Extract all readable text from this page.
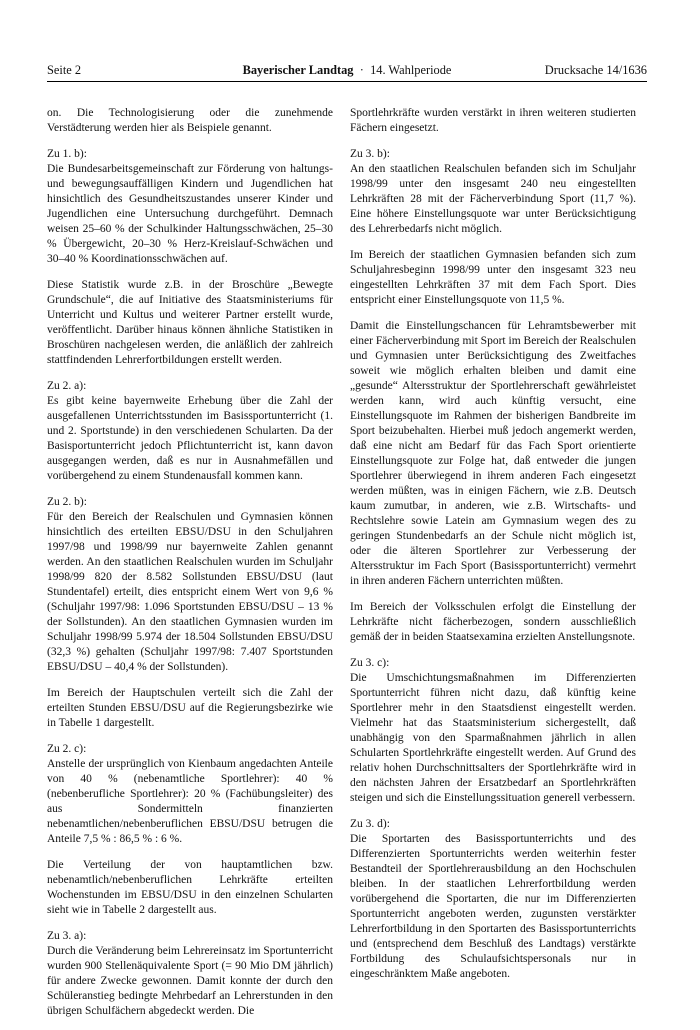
Seite 2	Bayerischer Landtag · 14. Wahlperiode	Drucksache 14/1636

on. Die Technologisierung oder die zunehmende Verstädterung werden hier als Beispiele genannt.

Zu 1. b):

Die Bundesarbeitsgemeinschaft zur Förderung von haltungs- und bewegungsauffälligen Kindern und Jugendlichen hat hinsichtlich des Gesundheitszustandes unserer Kinder und Jugendlichen eine Untersuchung durchgeführt. Demnach weisen 25–60 % der Schulkinder Haltungsschwächen, 25–30 % Übergewicht, 20–30 % Herz-Kreislauf-Schwächen und 30–40 % Koordinationsschwächen auf.

Diese Statistik wurde z.B. in der Broschüre „Bewegte Grundschule“, die auf Initiative des Staatsministeriums für Unterricht und Kultus und weiterer Partner erstellt wurde, veröffentlicht. Darüber hinaus können ähnliche Statistiken in Broschüren nachgelesen werden, die anläßlich der zahlreich stattfindenden Lehrerfortbildungen erstellt werden.

Zu 2. a):

Es gibt keine bayernweite Erhebung über die Zahl der ausgefallenen Unterrichtsstunden im Basissportunterricht (1. und 2. Sportstunde) in den verschiedenen Schularten. Da der Basisportunterricht jedoch Pflichtunterricht ist, kann davon ausgegangen werden, daß es nur in Ausnahmefällen und vorübergehend zu einem Stundenausfall kommen kann.

Zu 2. b):

Für den Bereich der Realschulen und Gymnasien können hinsichtlich des erteilten EBSU/DSU in den Schuljahren 1997/98 und 1998/99 nur bayernweite Zahlen genannt werden. An den staatlichen Realschulen wurden im Schuljahr 1998/99 820 der 8.582 Sollstunden EBSU/DSU (laut Stundentafel) erteilt, dies entspricht einem Wert von 9,6 % (Schuljahr 1997/98: 1.096 Sportstunden EBSU/DSU – 13 % der Sollstunden). An den staatlichen Gymnasien wurden im Schuljahr 1998/99 5.974 der 18.504 Sollstunden EBSU/DSU (32,3 %) gehalten (Schuljahr 1997/98: 7.407 Sportstunden EBSU/DSU – 40,4 % der Sollstunden).

Im Bereich der Hauptschulen verteilt sich die Zahl der erteilten Stunden EBSU/DSU auf die Regierungsbezirke wie in Tabelle 1 dargestellt.

Zu 2. c):

Anstelle der ursprünglich von Kienbaum angedachten Anteile von 40 % (nebenamtliche Sportlehrer): 40 % (nebenberufliche Sportlehrer): 20 % (Fachübungsleiter) des aus Sondermitteln finanzierten nebenamtlichen/nebenberuflichen EBSU/DSU betrugen die Anteile 7,5 % : 86,5 % : 6 %.

Die Verteilung der von hauptamtlichen bzw. nebenamtlich/nebenberuflichen Lehrkräfte erteilten Wochenstunden im EBSU/DSU in den einzelnen Schularten sieht wie in Tabelle 2 dargestellt aus.

Zu 3. a):

Durch die Veränderung beim Lehrereinsatz im Sportunterricht wurden 900 Stellenäquivalente Sport (= 90 Mio DM jährlich) für andere Zwecke gewonnen. Damit konnte der durch den Schüleranstieg bedingte Mehrbedarf an Lehrerstunden in den übrigen Schulfächern abgedeckt werden. Die

Sportlehrkräfte wurden verstärkt in ihren weiteren studierten Fächern eingesetzt.

Zu 3. b):

An den staatlichen Realschulen befanden sich im Schuljahr 1998/99 unter den insgesamt 240 neu eingestellten Lehrkräften 28 mit der Fächerverbindung Sport (11,7 %). Eine höhere Einstellungsquote war unter Berücksichtigung des Lehrerbedarfs nicht möglich.

Im Bereich der staatlichen Gymnasien befanden sich zum Schuljahresbeginn 1998/99 unter den insgesamt 323 neu eingestellten Lehrkräften 37 mit dem Fach Sport. Dies entspricht einer Einstellungsquote von 11,5 %.

Damit die Einstellungschancen für Lehramtsbewerber mit einer Fächerverbindung mit Sport im Bereich der Realschulen und Gymnasien unter Berücksichtigung des Zweitfaches soweit wie möglich erhalten bleiben und damit eine „gesunde“ Altersstruktur der Sportlehrerschaft gewährleistet werden kann, wird auch künftig versucht, eine Einstellungsquote im Rahmen der bisherigen Bandbreite im Sport beizubehalten. Hierbei muß jedoch angemerkt werden, daß eine nicht am Bedarf für das Fach Sport orientierte Einstellungsquote zur Folge hat, daß entweder die jungen Sportlehrer überwiegend in ihrem anderen Fach eingesetzt werden müßten, was in einigen Fächern, wie z.B. Deutsch kaum zumutbar, in anderen, wie z.B. Wirtschafts- und Rechtslehre sowie Latein am Gymnasium wegen des zu geringen Stundenbedarfs an der Schule nicht möglich ist, oder die älteren Sportlehrer zur Verbesserung der Altersstruktur im Fach Sport (Basissportunterricht) vermehrt in ihren anderen Fächern unterrichten müßten.

Im Bereich der Volksschulen erfolgt die Einstellung der Lehrkräfte nicht fächerbezogen, sondern ausschließlich gemäß der in beiden Staatsexamina erzielten Anstellungsnote.

Zu 3. c):

Die Umschichtungsmaßnahmen im Differenzierten Sportunterricht führen nicht dazu, daß künftig keine Sportlehrer mehr in den Staatsdienst eingestellt werden. Vielmehr hat das Staatsministerium sichergestellt, daß unabhängig von den Sparmaßnahmen jährlich in allen Schularten Sportlehrkräfte eingestellt werden. Auf Grund des relativ hohen Durchschnittsalters der Sportlehrkräfte wird in den nächsten Jahren der Ersatzbedarf an Sportlehrkräften steigen und sich die Einstellungssituation generell verbessern.

Zu 3. d):

Die Sportarten des Basissportunterrichts und des Differenzierten Sportunterrichts werden weiterhin fester Bestandteil der Sportlehrerausbildung an den Hochschulen bleiben. In der staatlichen Lehrerfortbildung werden vorübergehend die Sportarten, die nur im Differenzierten Sportunterricht angeboten werden, zugunsten verstärkter Lehrerfortbildung in den Sportarten des Basissportunterrichts und (entsprechend dem Beschluß des Landtags) verstärkte Fortbildung des Schulaufsichtspersonals nur in eingeschränktem Maße angeboten.
